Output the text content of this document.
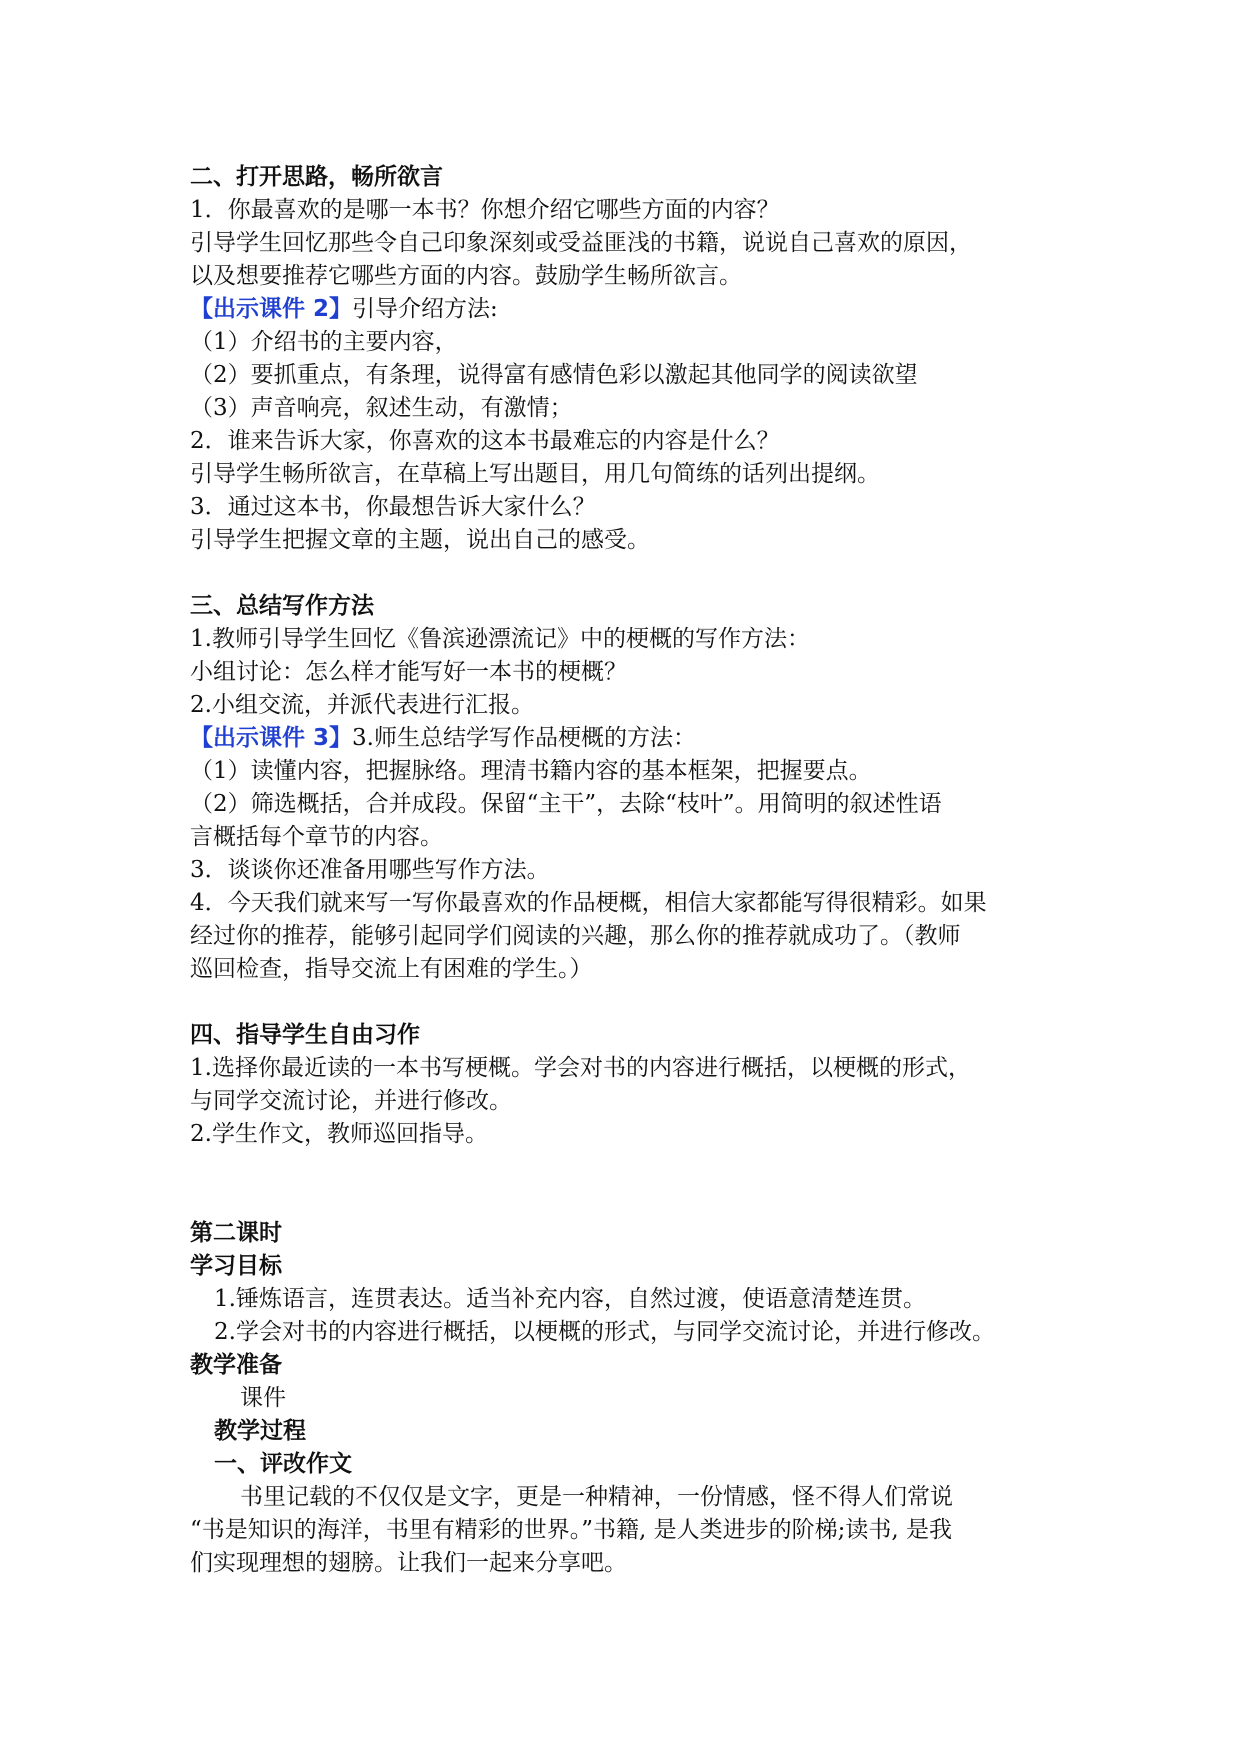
二、打开思路，畅所欲言

1．你最喜欢的是哪一本书？你想介绍它哪些方面的内容？

引导学生回忆那些令自己印象深刻或受益匪浅的书籍，说说自己喜欢的原因，

以及想要推荐它哪些方面的内容。鼓励学生畅所欲言。

【出示课件 2】引导介绍方法:

（1）介绍书的主要内容，

（2）要抓重点，有条理，说得富有感情色彩以激起其他同学的阅读欲望

（3）声音响亮，叙述生动，有激情；

2．谁来告诉大家，你喜欢的这本书最难忘的内容是什么？

引导学生畅所欲言，在草稿上写出题目，用几句简练的话列出提纲。

3．通过这本书，你最想告诉大家什么？

引导学生把握文章的主题，说出自己的感受。

三、总结写作方法

1.教师引导学生回忆《鲁滨逊漂流记》中的梗概的写作方法：

小组讨论：怎么样才能写好一本书的梗概？

2.小组交流，并派代表进行汇报。

【出示课件 3】3.师生总结学写作品梗概的方法：

（1）读懂内容，把握脉络。理清书籍内容的基本框架，把握要点。

（2）筛选概括，合并成段。保留“主干”，去除“枝叶”。用简明的叙述性语

言概括每个章节的内容。

3．谈谈你还准备用哪些写作方法。

4．今天我们就来写一写你最喜欢的作品梗概，相信大家都能写得很精彩。如果

经过你的推荐，能够引起同学们阅读的兴趣，那么你的推荐就成功了。（教师

巡回检查，指导交流上有困难的学生。）

四、指导学生自由习作

1.选择你最近读的一本书写梗概。学会对书的内容进行概括，以梗概的形式，

与同学交流讨论，并进行修改。

2.学生作文，教师巡回指导。

第二课时

学习目标

1.锤炼语言，连贯表达。适当补充内容，自然过渡，使语意清楚连贯。

2.学会对书的内容进行概括，以梗概的形式，与同学交流讨论，并进行修改。

教学准备

课件

教学过程

一、评改作文

书里记载的不仅仅是文字，更是一种精神，一份情感，怪不得人们常说

“书是知识的海洋，书里有精彩的世界。”书籍, 是人类进步的阶梯;读书, 是我

们实现理想的翅膀。让我们一起来分享吧。
